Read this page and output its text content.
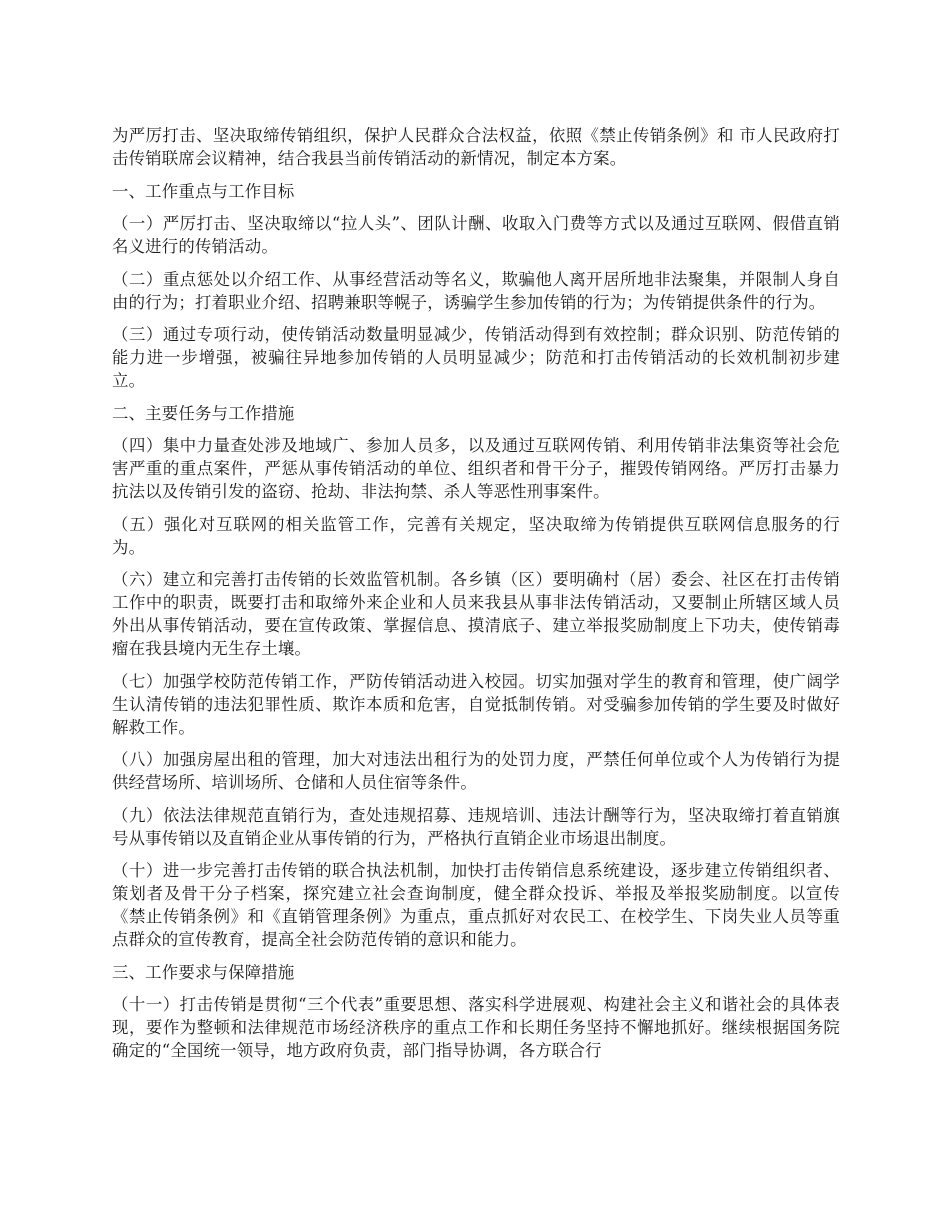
为严厉打击、坚决取缔传销组织，保护人民群众合法权益，依照《禁止传销条例》和 市人民政府打击传销联席会议精神，结合我县当前传销活动的新情况，制定本方案。

一、工作重点与工作目标

（一）严厉打击、坚决取缔以“拉人头”、团队计酬、收取入门费等方式以及通过互联网、假借直销名义进行的传销活动。

（二）重点惩处以介绍工作、从事经营活动等名义，欺骗他人离开居所地非法聚集，并限制人身自由的行为；打着职业介绍、招聘兼职等幌子，诱骗学生参加传销的行为；为传销提供条件的行为。

（三）通过专项行动，使传销活动数量明显减少，传销活动得到有效控制；群众识别、防范传销的能力进一步增强，被骗往异地参加传销的人员明显减少；防范和打击传销活动的长效机制初步建立。

二、主要任务与工作措施

（四）集中力量查处涉及地域广、参加人员多，以及通过互联网传销、利用传销非法集资等社会危害严重的重点案件，严惩从事传销活动的单位、组织者和骨干分子，摧毁传销网络。严厉打击暴力抗法以及传销引发的盗窃、抢劫、非法拘禁、杀人等恶性刑事案件。

（五）强化对互联网的相关监管工作，完善有关规定，坚决取缔为传销提供互联网信息服务的行为。

（六）建立和完善打击传销的长效监管机制。各乡镇（区）要明确村（居）委会、社区在打击传销工作中的职责，既要打击和取缔外来企业和人员来我县从事非法传销活动，又要制止所辖区域人员外出从事传销活动，要在宣传政策、掌握信息、摸清底子、建立举报奖励制度上下功夫，使传销毒瘤在我县境内无生存土壤。

（七）加强学校防范传销工作，严防传销活动进入校园。切实加强对学生的教育和管理，使广阔学生认清传销的违法犯罪性质、欺诈本质和危害，自觉抵制传销。对受骗参加传销的学生要及时做好解救工作。

（八）加强房屋出租的管理，加大对违法出租行为的处罚力度，严禁任何单位或个人为传销行为提供经营场所、培训场所、仓储和人员住宿等条件。

（九）依法法律规范直销行为，查处违规招募、违规培训、违法计酬等行为，坚决取缔打着直销旗号从事传销以及直销企业从事传销的行为，严格执行直销企业市场退出制度。

（十）进一步完善打击传销的联合执法机制，加快打击传销信息系统建设，逐步建立传销组织者、策划者及骨干分子档案，探究建立社会查询制度，健全群众投诉、举报及举报奖励制度。以宣传《禁止传销条例》和《直销管理条例》为重点，重点抓好对农民工、在校学生、下岗失业人员等重点群众的宣传教育，提高全社会防范传销的意识和能力。

三、工作要求与保障措施

（十一）打击传销是贯彻“三个代表”重要思想、落实科学进展观、构建社会主义和谐社会的具体表现，要作为整顿和法律规范市场经济秩序的重点工作和长期任务坚持不懈地抓好。继续根据国务院确定的“全国统一领导，地方政府负责，部门指导协调，各方联合行
